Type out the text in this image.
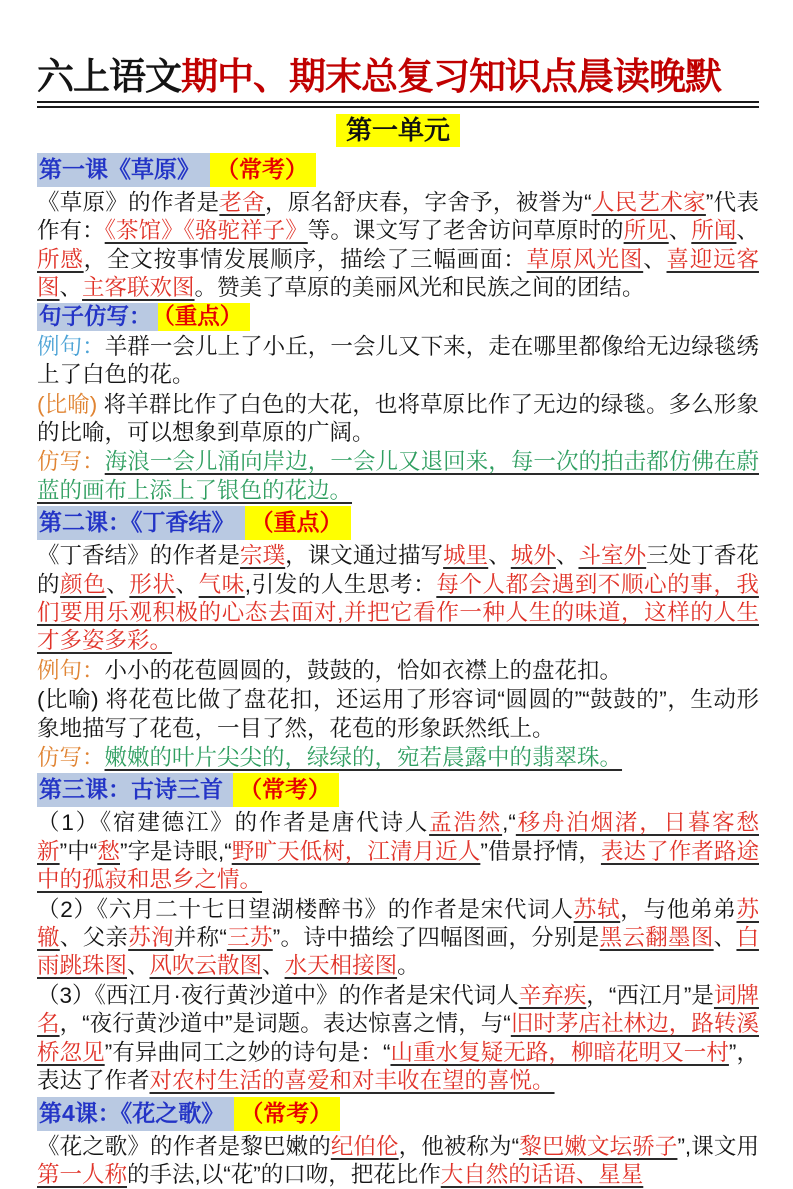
六上语文期中、期末总复习知识点晨读晚默
第一单元
第一课《草原》 （常考）
《草原》的作者是老舍，原名舒庆春，字舍予，被誉为“人民艺术家”代表作有：《茶馆》《骆驼祥子》等。课文写了老舍访问草原时的所见、所闻、所感，全文按事情发展顺序，描绘了三幅画面：草原风光图、喜迎远客图、主客联欢图。赞美了草原的美丽风光和民族之间的团结。
句子仿写： （重点）
例句：羊群一会儿上了小丘，一会儿又下来，走在哪里都像给无边绿毯绣上了白色的花。
(比喻) 将羊群比作了白色的大花，也将草原比作了无边的绿毯。多么形象的比喻，可以想象到草原的广阔。
仿写：海浪一会儿涌向岸边，一会儿又退回来，每一次的拍击都仿佛在蔚蓝的画布上添上了银色的花边。
第二课：《丁香结》 （重点）
《丁香结》的作者是宗璞，课文通过描写城里、城外、斗室外三处丁香花的颜色、形状、气味,引发的人生思考：每个人都会遇到不顺心的事，我们要用乐观积极的心态去面对,并把它看作一种人生的味道，这样的人生才多姿多彩。
例句：小小的花苞圆圆的，鼓鼓的，恰如衣襟上的盘花扣。
(比喻) 将花苞比做了盘花扣，还运用了形容词“圆圆的”“鼓鼓的”，生动形象地描写了花苞，一目了然，花苞的形象跃然纸上。
仿写：嫩嫩的叶片尖尖的，绿绿的，宛若晨露中的翡翠珠。
第三课：古诗三首 （常考）
（1）《宿建德江》的作者是唐代诗人孟浩然,“移舟泊烟渚，日暮客愁新”中“愁”字是诗眼,“野旷天低树，江清月近人”借景抒情，表达了作者路途中的孤寂和思乡之情。
（2）《六月二十七日望湖楼醉书》的作者是宋代词人苏轼，与他弟弟苏辙、父亲苏洵并称“三苏”。诗中描绘了四幅图画，分别是黑云翻墨图、白雨跳珠图、风吹云散图、水天相接图。
（3）《西江月·夜行黄沙道中》的作者是宋代词人辛弃疾，“西江月”是词牌名，“夜行黄沙道中”是词题。表达惊喜之情，与“旧时茅店社林边，路转溪桥忽见”有异曲同工之妙的诗句是：“山重水复疑无路，柳暗花明又一村”，表达了作者对农村生活的喜爱和对丰收在望的喜悦。
第4课：《花之歌》 （常考）
《花之歌》的作者是黎巴嫩的纪伯伦，他被称为“黎巴嫩文坛骄子”,课文用第一人称的手法,以“花”的口吻，把花比作大自然的话语、星星
